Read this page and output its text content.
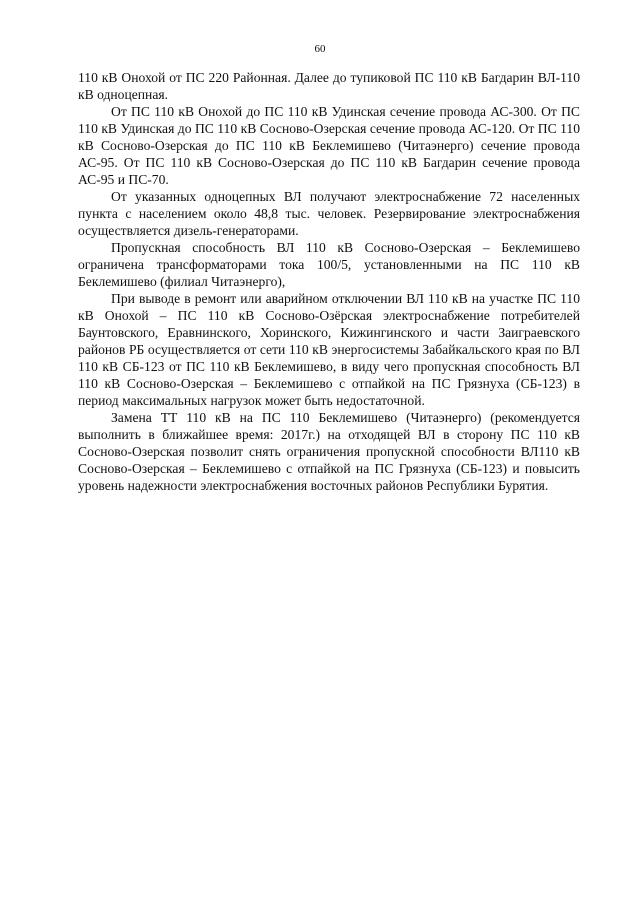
60

110 кВ Онохой от ПС 220 Районная. Далее до тупиковой ПС 110 кВ Багдарин ВЛ-110 кВ одноцепная.

От ПС 110 кВ Онохой до ПС 110 кВ Удинская сечение провода АС-300. От ПС 110 кВ Удинская до ПС 110 кВ Сосново-Озерская сечение провода АС-120. От ПС 110 кВ Сосново-Озерская до ПС 110 кВ Беклемишево (Читаэнерго) сечение провода АС-95. От ПС 110 кВ Сосново-Озерская до ПС 110 кВ Багдарин сечение провода АС-95 и ПС-70.

От указанных одноцепных ВЛ получают электроснабжение 72 населенных пункта с населением около 48,8 тыс. человек. Резервирование электроснабжения осуществляется дизель-генераторами.

Пропускная способность ВЛ 110 кВ Сосново-Озерская – Беклемишево ограничена трансформаторами тока 100/5, установленными на ПС 110 кВ Беклемишево (филиал Читаэнерго),

При выводе в ремонт или аварийном отключении ВЛ 110 кВ на участке ПС 110 кВ Онохой – ПС 110 кВ Сосново-Озёрская электроснабжение потребителей Баунтовского, Еравнинского, Хоринского, Кижингинского и части Заиграевского районов РБ осуществляется от сети 110 кВ энергосистемы Забайкальского края по ВЛ 110 кВ СБ-123 от ПС 110 кВ Беклемишево, в виду чего пропускная способность ВЛ 110 кВ Сосново-Озерская – Беклемишево с отпайкой на ПС Грязнуха (СБ-123) в период максимальных нагрузок может быть недостаточной.

Замена ТТ 110 кВ на ПС 110 Беклемишево (Читаэнерго) (рекомендуется выполнить в ближайшее время: 2017г.) на отходящей ВЛ в сторону ПС 110 кВ Сосново-Озерская позволит снять ограничения пропускной способности ВЛ110 кВ Сосново-Озерская – Беклемишево с отпайкой на ПС Грязнуха (СБ-123) и повысить уровень надежности электроснабжения восточных районов Республики Бурятия.
